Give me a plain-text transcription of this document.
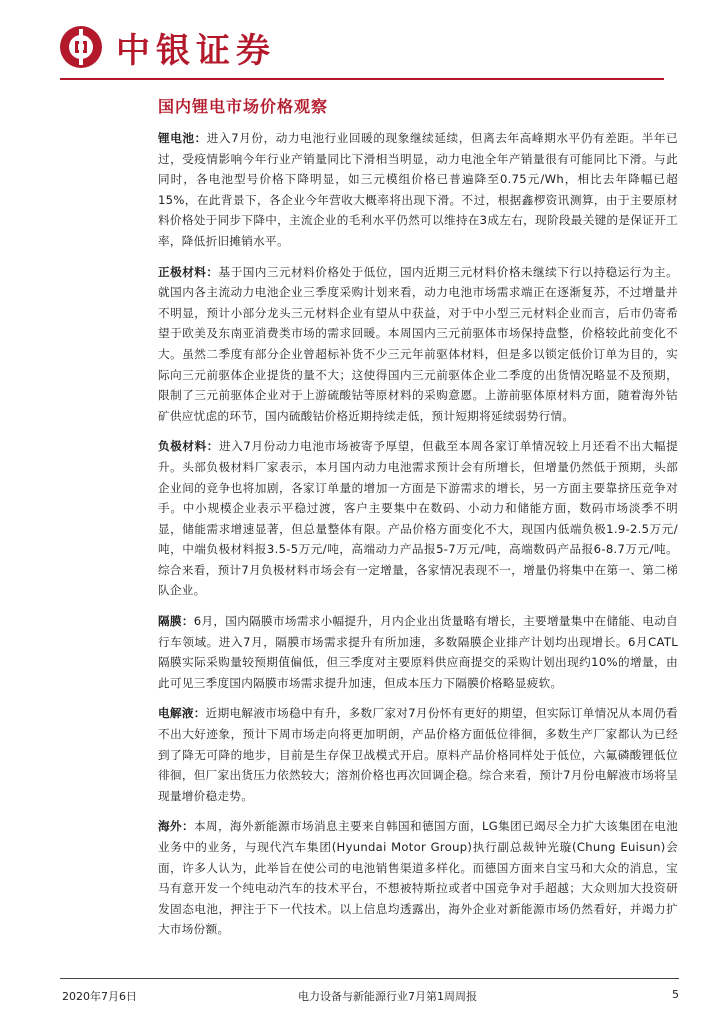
中银证券
国内锂电市场价格观察

锂电池：进入7月份，动力电池行业回暖的现象继续延续，但离去年高峰期水平仍有差距。半年已过，受疫情影响今年行业产销量同比下滑相当明显，动力电池全年产销量很有可能同比下滑。与此同时，各电池型号价格下降明显，如三元模组价格已普遍降至0.75元/Wh，相比去年降幅已超15%，在此背景下，各企业今年营收大概率将出现下滑。不过，根据鑫椤资讯测算，由于主要原材料价格处于同步下降中，主流企业的毛利水平仍然可以维持在3成左右，现阶段最关键的是保证开工率，降低折旧摊销水平。

正极材料：基于国内三元材料价格处于低位，国内近期三元材料价格未继续下行以持稳运行为主。就国内各主流动力电池企业三季度采购计划来看，动力电池市场需求端正在逐渐复苏，不过增量并不明显，预计小部分龙头三元材料企业有望从中获益，对于中小型三元材料企业而言，后市仍寄希望于欧美及东南亚消费类市场的需求回暖。本周国内三元前驱体市场保持盘整，价格较此前变化不大。虽然二季度有部分企业曾超标补货不少三元年前驱体材料，但是多以锁定低价订单为目的，实际向三元前驱体企业提货的量不大；这使得国内三元前驱体企业二季度的出货情况略显不及预期，限制了三元前驱体企业对于上游硫酸钴等原材料的采购意愿。上游前驱体原材料方面，随着海外钴矿供应忧虑的环节，国内硫酸钴价格近期持续走低，预计短期将延续弱势行情。

负极材料：进入7月份动力电池市场被寄予厚望，但截至本周各家订单情况较上月还看不出大幅提升。头部负极材料厂家表示，本月国内动力电池需求预计会有所增长，但增量仍然低于预期，头部企业间的竞争也将加剧，各家订单量的增加一方面是下游需求的增长，另一方面主要靠挤压竞争对手。中小规模企业表示平稳过渡，客户主要集中在数码、小动力和储能方面，数码市场淡季不明显，储能需求增速显著，但总量整体有限。产品价格方面变化不大，现国内低端负极1.9-2.5万元/吨，中端负极材料报3.5-5万元/吨，高端动力产品报5-7万元/吨，高端数码产品报6-8.7万元/吨。综合来看，预计7月负极材料市场会有一定增量，各家情况表现不一，增量仍将集中在第一、第二梯队企业。

隔膜：6月，国内隔膜市场需求小幅提升，月内企业出货量略有增长，主要增量集中在储能、电动自行车领域。进入7月，隔膜市场需求提升有所加速，多数隔膜企业排产计划均出现增长。6月CATL隔膜实际采购量较预期值偏低，但三季度对主要原料供应商提交的采购计划出现约10%的增量，由此可见三季度国内隔膜市场需求提升加速，但成本压力下隔膜价格略显疲软。

电解液：近期电解液市场稳中有升，多数厂家对7月份怀有更好的期望，但实际订单情况从本周仍看不出大好迹象，预计下周市场走向将更加明朗，产品价格方面低位徘徊，多数生产厂家都认为已经到了降无可降的地步，目前是生存保卫战模式开启。原料产品价格同样处于低位，六氟磷酸锂低位徘徊，但厂家出货压力依然较大；溶剂价格也再次回调企稳。综合来看，预计7月份电解液市场将呈现量增价稳走势。

海外：本周，海外新能源市场消息主要来自韩国和德国方面，LG集团已竭尽全力扩大该集团在电池业务中的业务，与现代汽车集团(Hyundai Motor Group)执行副总裁钟光璇(Chung Euisun)会面，许多人认为，此举旨在使公司的电池销售渠道多样化。而德国方面来自宝马和大众的消息，宝马有意开发一个纯电动汽车的技术平台，不想被特斯拉或者中国竞争对手超越；大众则加大投资研发固态电池，押注于下一代技术。以上信息均透露出，海外企业对新能源市场仍然看好，并竭力扩大市场份额。

2020年7月6日	电力设备与新能源行业7月第1周周报	5
